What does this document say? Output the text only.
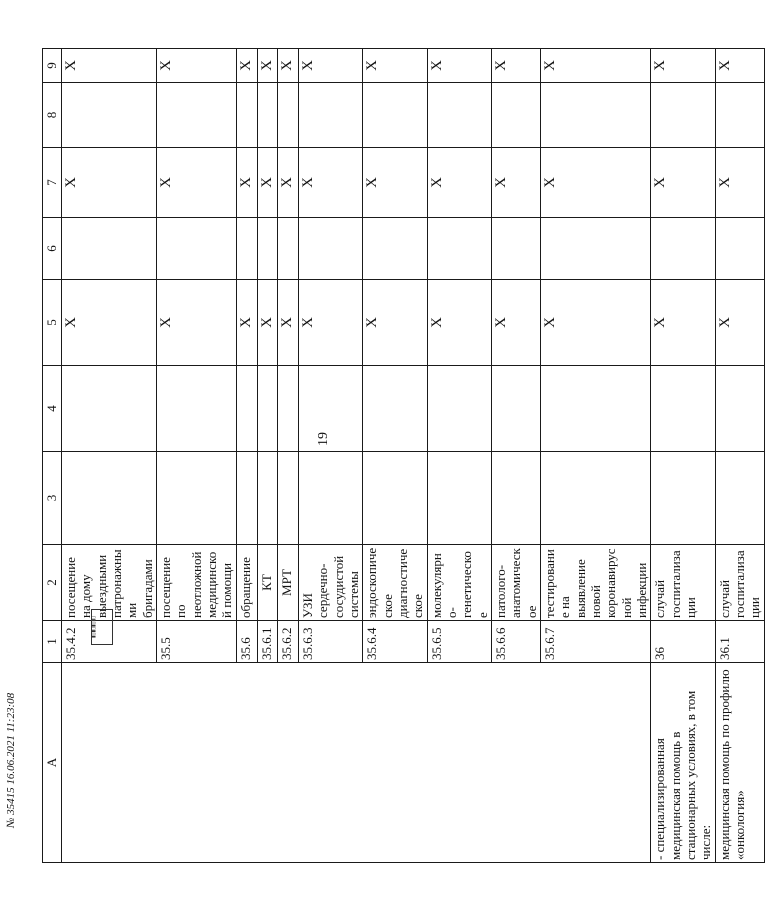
19
A	1	2	3	4	5	6	7	8	9
	35.4.2	посещение на дому выездными патронажными бригадами			X		X		X
	35.5	посещение по неотложной медицинской помощи			X		X		X
	35.6	обращение			X		X		X
	35.6.1	КТ			X		X		X
	35.6.2	МРТ			X		X		X
	35.6.3	УЗИ сердечно-сосудистой системы			X		X		X
	35.6.4	эндоскопическое диагностическое			X		X		X
	35.6.5	молекулярно-генетическое			X		X		X
	35.6.6	патолого-анатомическое			X		X		X
	35.6.7	тестирование на выявление новой коронавирусной инфекции			X		X		X
- специализированная медицинская помощь в стационарных условиях, в том числе:	36	случай госпитализации			X		X		X
медицинская помощь по профилю «онкология»	36.1	случай госпитализации			X		X		X
▮▯▮▯▮▯▮▯
№ 35415 16.06.2021 11:23:08
